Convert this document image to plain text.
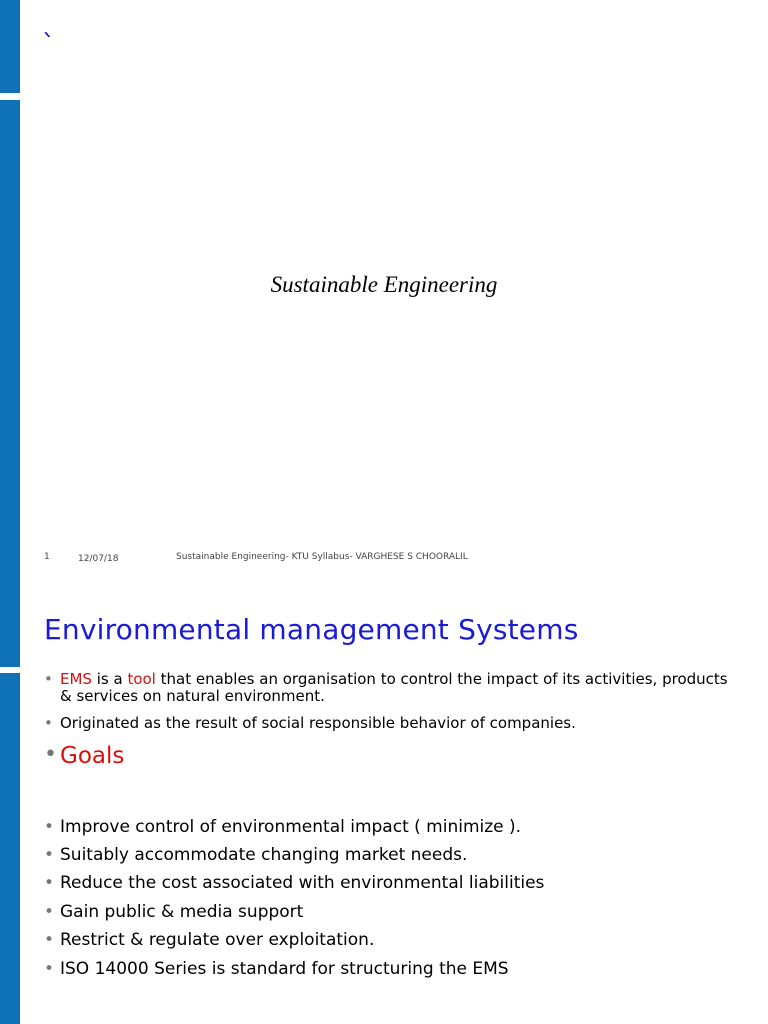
`
Sustainable Engineering
1	12/07/18	Sustainable Engineering- KTU Syllabus- VARGHESE S CHOORALIL
Environmental management Systems
• EMS is a tool that enables an organisation to control the impact of its activities, products & services on natural environment.
• Originated as the result of social responsible behavior of companies.
• Goals
• Improve control of environmental impact ( minimize ).
• Suitably accommodate changing market needs.
• Reduce the cost associated with environmental liabilities
• Gain public & media support
• Restrict & regulate over exploitation.
• ISO 14000 Series is standard for structuring the EMS
